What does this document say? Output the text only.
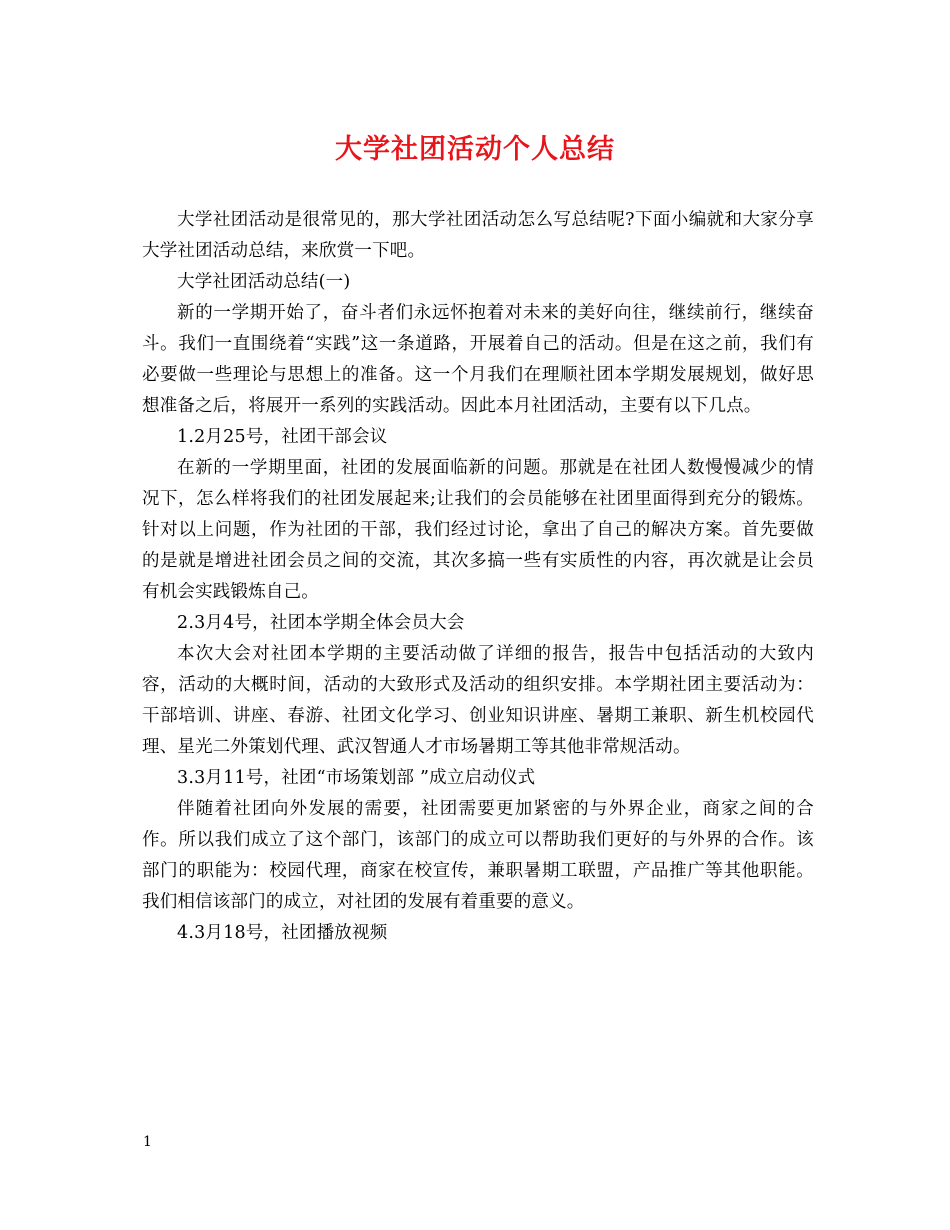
大学社团活动个人总结

大学社团活动是很常见的，那大学社团活动怎么写总结呢?下面小编就和大家分享大学社团活动总结，来欣赏一下吧。

大学社团活动总结(一)

新的一学期开始了，奋斗者们永远怀抱着对未来的美好向往，继续前行，继续奋斗。我们一直围绕着“实践”这一条道路，开展着自己的活动。但是在这之前，我们有必要做一些理论与思想上的准备。这一个月我们在理顺社团本学期发展规划，做好思想准备之后，将展开一系列的实践活动。因此本月社团活动，主要有以下几点。

1.2月25号，社团干部会议

在新的一学期里面，社团的发展面临新的问题。那就是在社团人数慢慢减少的情况下，怎么样将我们的社团发展起来;让我们的会员能够在社团里面得到充分的锻炼。针对以上问题，作为社团的干部，我们经过讨论，拿出了自己的解决方案。首先要做的是就是增进社团会员之间的交流，其次多搞一些有实质性的内容，再次就是让会员有机会实践锻炼自己。

2.3月4号，社团本学期全体会员大会

本次大会对社团本学期的主要活动做了详细的报告，报告中包括活动的大致内容，活动的大概时间，活动的大致形式及活动的组织安排。本学期社团主要活动为：干部培训、讲座、春游、社团文化学习、创业知识讲座、暑期工兼职、新生机校园代理、星光二外策划代理、武汉智通人才市场暑期工等其他非常规活动。

3.3月11号，社团“市场策划部 ”成立启动仪式

伴随着社团向外发展的需要，社团需要更加紧密的与外界企业，商家之间的合作。所以我们成立了这个部门，该部门的成立可以帮助我们更好的与外界的合作。该部门的职能为：校园代理，商家在校宣传，兼职暑期工联盟，产品推广等其他职能。我们相信该部门的成立，对社团的发展有着重要的意义。

4.3月18号，社团播放视频

1
